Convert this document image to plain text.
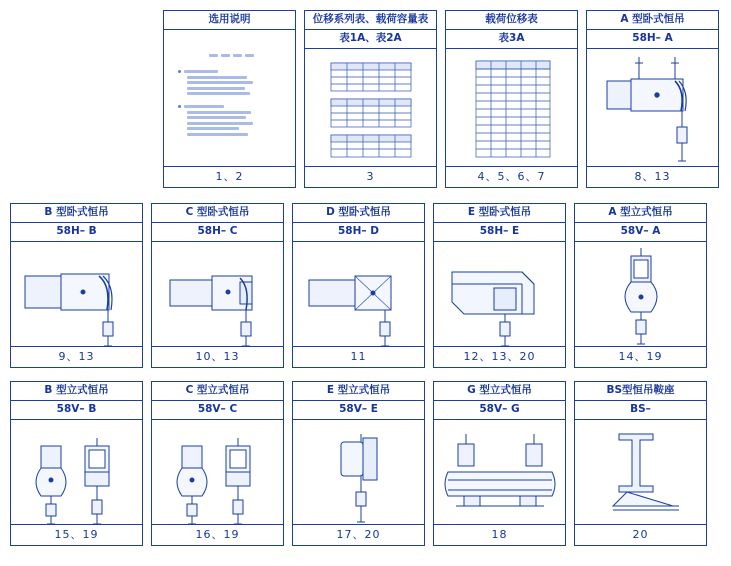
选用说明
1、2
位移系列表、载荷容量表
表1A、表2A
3
载荷位移表
表3A
4、5、6、7
A 型卧式恒吊
58H– A
8、13
B 型卧式恒吊
58H– B
9、13
C 型卧式恒吊
58H– C
10、13
D 型卧式恒吊
58H– D
11
E 型卧式恒吊
58H– E
12、13、20
A 型立式恒吊
58V– A
14、19
B 型立式恒吊
58V– B
15、19
C 型立式恒吊
58V– C
16、19
E 型立式恒吊
58V– E
17、20
G 型立式恒吊
58V– G
18
BS型恒吊鞍座
BS–
20
